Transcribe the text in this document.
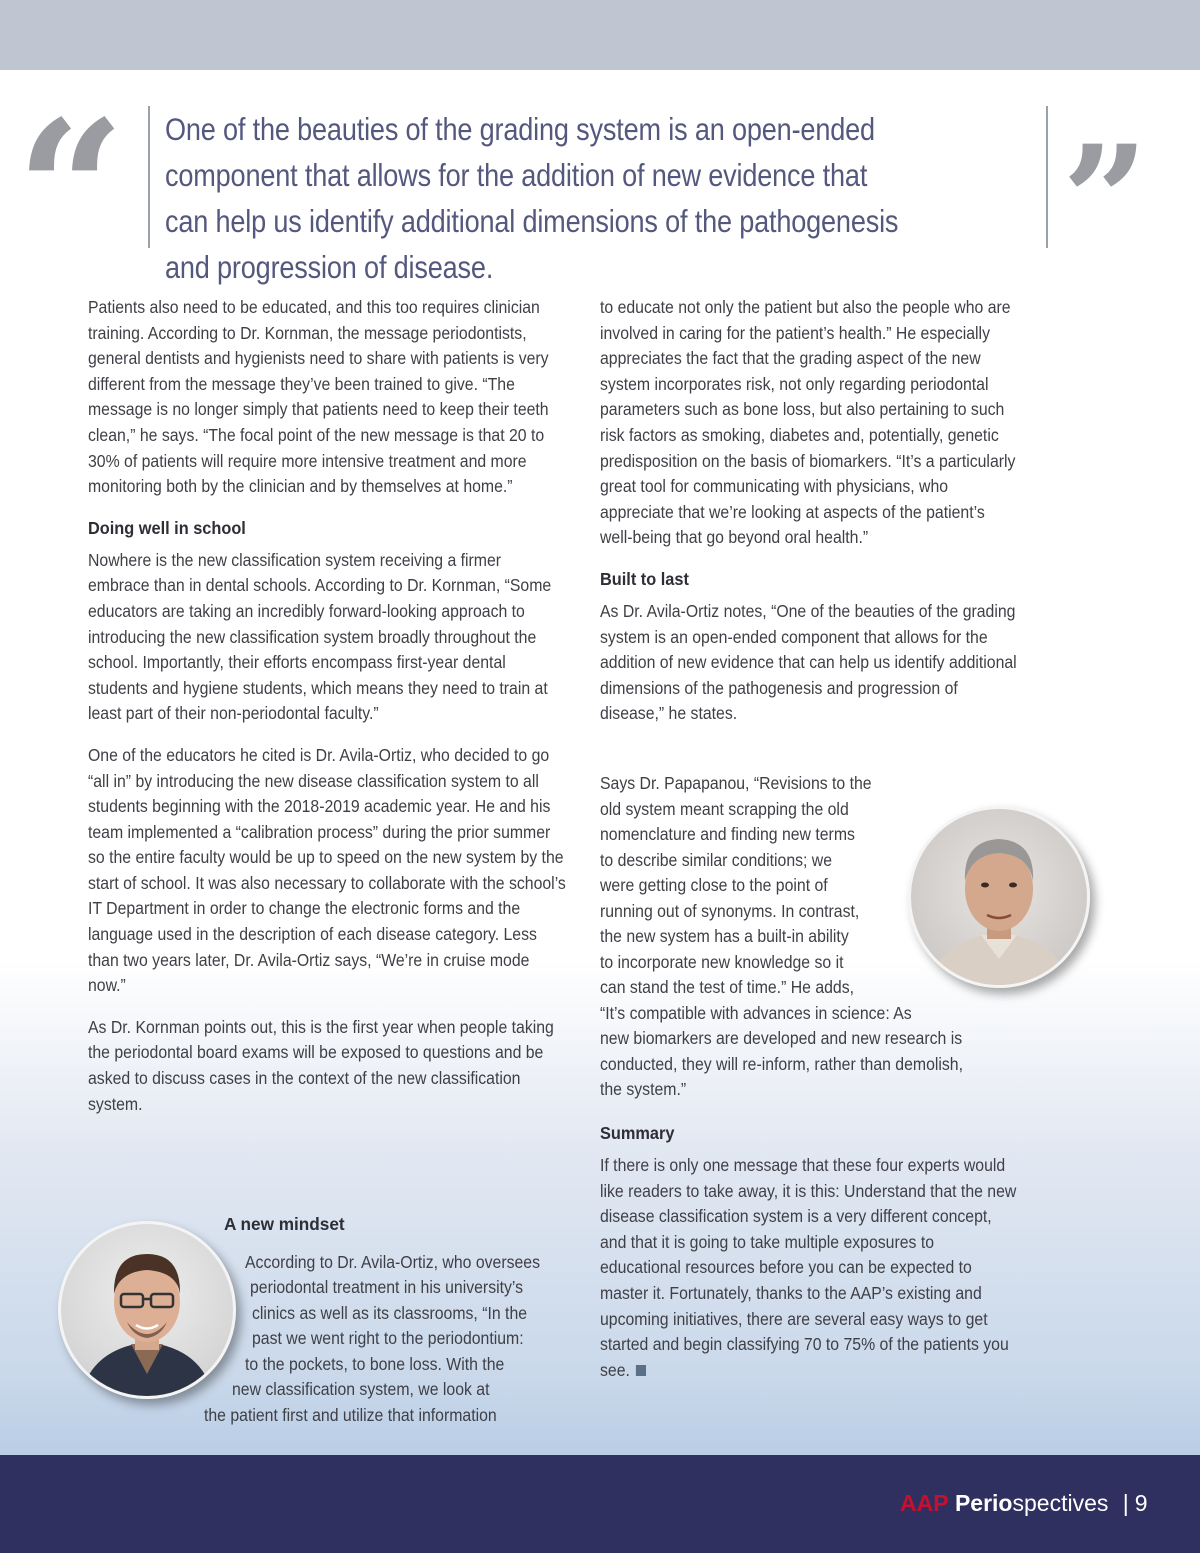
“ One of the beauties of the grading system is an open-ended component that allows for the addition of new evidence that can help us identify additional dimensions of the pathogenesis and progression of disease.	”

Patients also need to be educated, and this too requires clinician training. According to Dr. Kornman, the message periodontists, general dentists and hygienists need to share with patients is very different from the message they’ve been trained to give. “The message is no longer simply that patients need to keep their teeth clean,” he says. “The focal point of the new message is that 20 to 30% of patients will require more intensive treatment and more monitoring both by the clinician and by themselves at home.”

Doing well in school

Nowhere is the new classification system receiving a firmer embrace than in dental schools. According to Dr. Kornman, “Some educators are taking an incredibly forward-looking approach to introducing the new classification system broadly throughout the school. Importantly, their efforts encompass first-year dental students and hygiene students, which means they need to train at least part of their non-periodontal faculty.”

One of the educators he cited is Dr. Avila-Ortiz, who decided to go “all in” by introducing the new disease classification system to all students beginning with the 2018-2019 academic year. He and his team implemented a “calibration process” during the prior summer so the entire faculty would be up to speed on the new system by the start of school. It was also necessary to collaborate with the school’s IT Department in order to change the electronic forms and the language used in the description of each disease category. Less than two years later, Dr. Avila-Ortiz says, “We’re in cruise mode now.”

As Dr. Kornman points out, this is the first year when people taking the periodontal board exams will be exposed to questions and be asked to discuss cases in the context of the new classification system.

A new mindset
According to Dr. Avila-Ortiz, who oversees
periodontal treatment in his university’s
clinics as well as its classrooms, “In the
past we went right to the periodontium:
to the pockets, to bone loss. With the
new classification system, we look at
the patient first and utilize that information

to educate not only the patient but also the people who are involved in caring for the patient’s health.” He especially appreciates the fact that the grading aspect of the new system incorporates risk, not only regarding periodontal parameters such as bone loss, but also pertaining to such risk factors as smoking, diabetes and, potentially, genetic predisposition on the basis of biomarkers. “It’s a particularly great tool for communicating with physicians, who appreciate that we’re looking at aspects of the patient’s well-being that go beyond oral health.”

Built to last

As Dr. Avila-Ortiz notes, “One of the beauties of the grading system is an open-ended component that allows for the addition of new evidence that can help us identify additional dimensions of the pathogenesis and progression of disease,” he states.

Says Dr. Papapanou, “Revisions to the
old system meant scrapping the old
nomenclature and finding new terms
to describe similar conditions; we
were getting close to the point of
running out of synonyms. In contrast,
the new system has a built-in ability
to incorporate new knowledge so it
can stand the test of time.” He adds,
“It’s compatible with advances in science: As
new biomarkers are developed and new research is
conducted, they will re-inform, rather than demolish,
the system.”
Summary

If there is only one message that these four experts would like readers to take away, it is this: Understand that the new disease classification system is a very different concept, and that it is going to take multiple exposures to educational resources before you can be expected to master it. Fortunately, thanks to the AAP’s existing and upcoming initiatives, there are several easy ways to get started and begin classifying 70 to 75% of the patients you see.

AAP Periospectives | 9
